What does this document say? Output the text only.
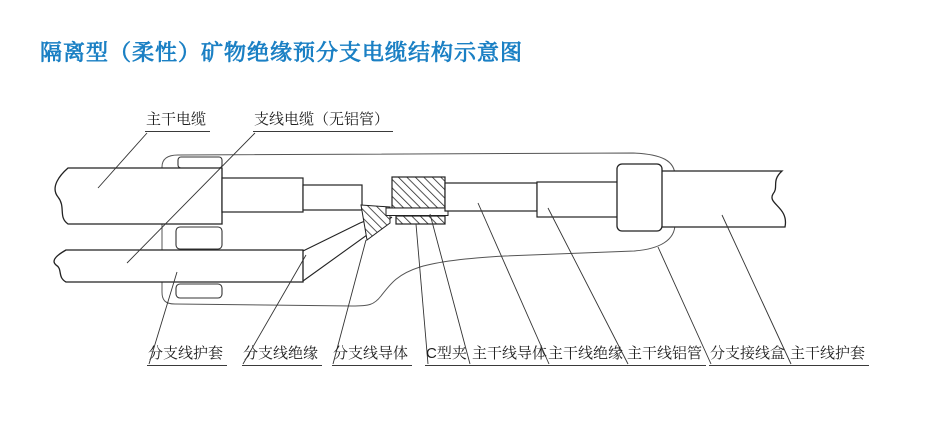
隔离型（柔性）矿物绝缘预分支电缆结构示意图
主干电缆	支线电缆（无铝管）
分支线护套 分支线绝缘 分支线导体 C型夹 主干线导体 主干线绝缘 主干线铝管 分支接线盒 主干线护套
